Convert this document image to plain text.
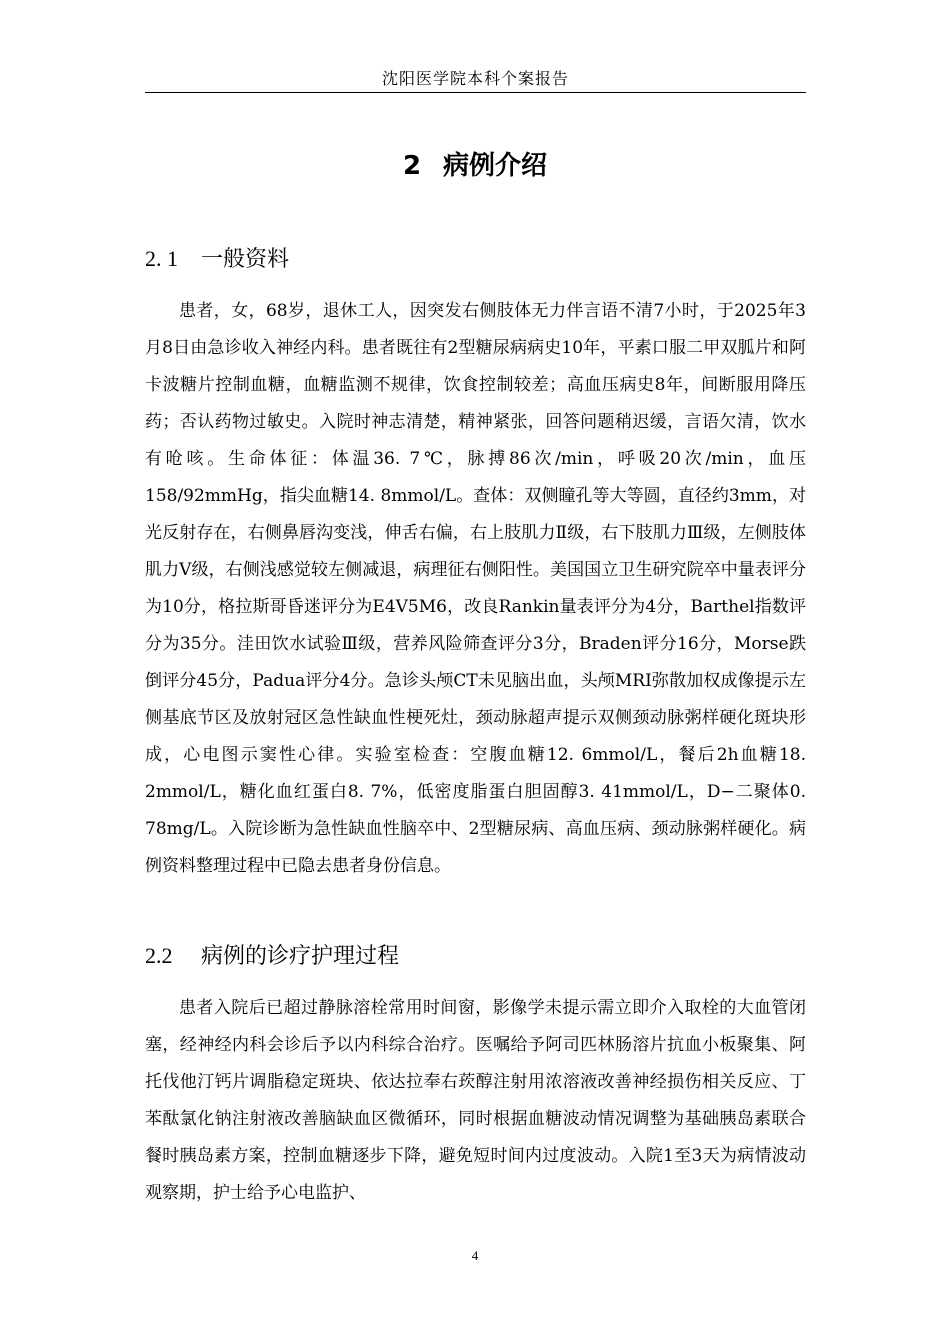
沈阳医学院本科个案报告
2 病例介绍
2. 1 一般资料

患者，女，68岁，退休工人，因突发右侧肢体无力伴言语不清7小时，于2025年3月8日由急诊收入神经内科。患者既往有2型糖尿病病史10年，平素口服二甲双胍片和阿卡波糖片控制血糖，血糖监测不规律，饮食控制较差；高血压病史8年，间断服用降压药；否认药物过敏史。入院时神志清楚，精神紧张，回答问题稍迟缓，言语欠清，饮水有呛咳。生命体征：体温36. 7℃，脉搏86次/min，呼吸20次/min，血压158/92mmHg，指尖血糖14. 8mmol/L。查体：双侧瞳孔等大等圆，直径约3mm，对光反射存在，右侧鼻唇沟变浅，伸舌右偏，右上肢肌力Ⅱ级，右下肢肌力Ⅲ级，左侧肢体肌力Ⅴ级，右侧浅感觉较左侧减退，病理征右侧阳性。美国国立卫生研究院卒中量表评分为10分，格拉斯哥昏迷评分为E4V5M6，改良Rankin量表评分为4分，Barthel指数评分为35分。洼田饮水试验Ⅲ级，营养风险筛查评分3分，Braden评分16分，Morse跌倒评分45分，Padua评分4分。急诊头颅CT未见脑出血，头颅MRI弥散加权成像提示左侧基底节区及放射冠区急性缺血性梗死灶，颈动脉超声提示双侧颈动脉粥样硬化斑块形成，心电图示窦性心律。实验室检查：空腹血糖12. 6mmol/L，餐后2h血糖18. 2mmol/L，糖化血红蛋白8. 7%，低密度脂蛋白胆固醇3. 41mmol/L，D−二聚体0. 78mg/L。入院诊断为急性缺血性脑卒中、2型糖尿病、高血压病、颈动脉粥样硬化。病例资料整理过程中已隐去患者身份信息。

2.2 病例的诊疗护理过程

患者入院后已超过静脉溶栓常用时间窗，影像学未提示需立即介入取栓的大血管闭塞，经神经内科会诊后予以内科综合治疗。医嘱给予阿司匹林肠溶片抗血小板聚集、阿托伐他汀钙片调脂稳定斑块、依达拉奉右莰醇注射用浓溶液改善神经损伤相关反应、丁苯酞氯化钠注射液改善脑缺血区微循环，同时根据血糖波动情况调整为基础胰岛素联合餐时胰岛素方案，控制血糖逐步下降，避免短时间内过度波动。入院1至3天为病情波动观察期，护士给予心电监护、

4
